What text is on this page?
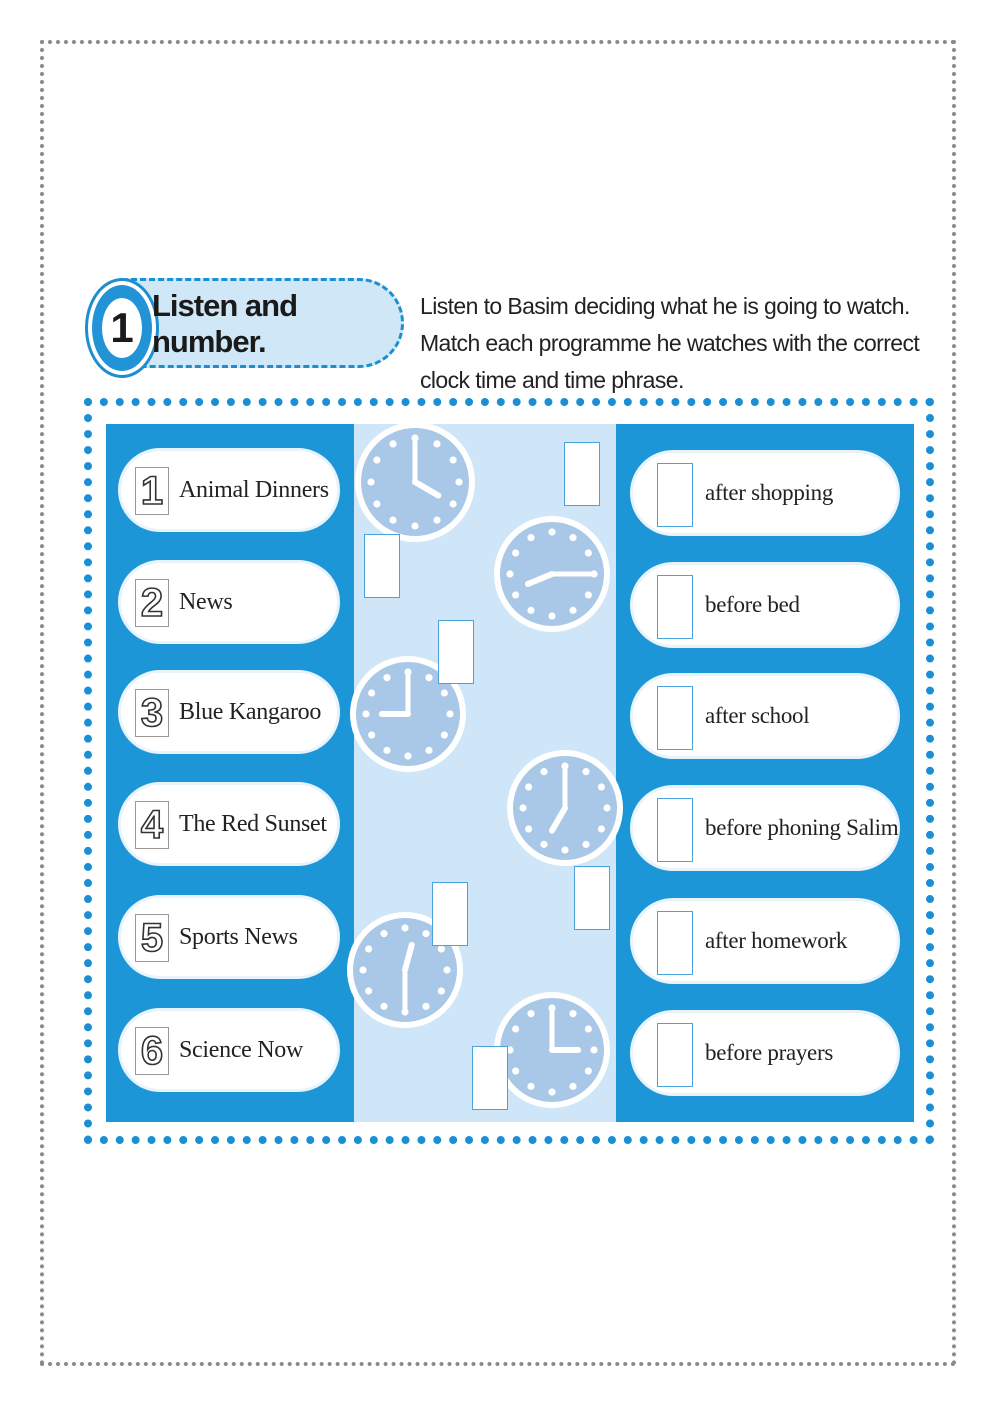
1 Listen and number.
Listen to Basim deciding what he is going to watch.
Match each programme he watches with the correct
clock time and time phrase.
1 Animal Dinners
2 News
3 Blue Kangaroo
4 The Red Sunset
5 Sports News
6 Science Now
after shopping
before bed
after school
before phoning Salim
after homework
before prayers
